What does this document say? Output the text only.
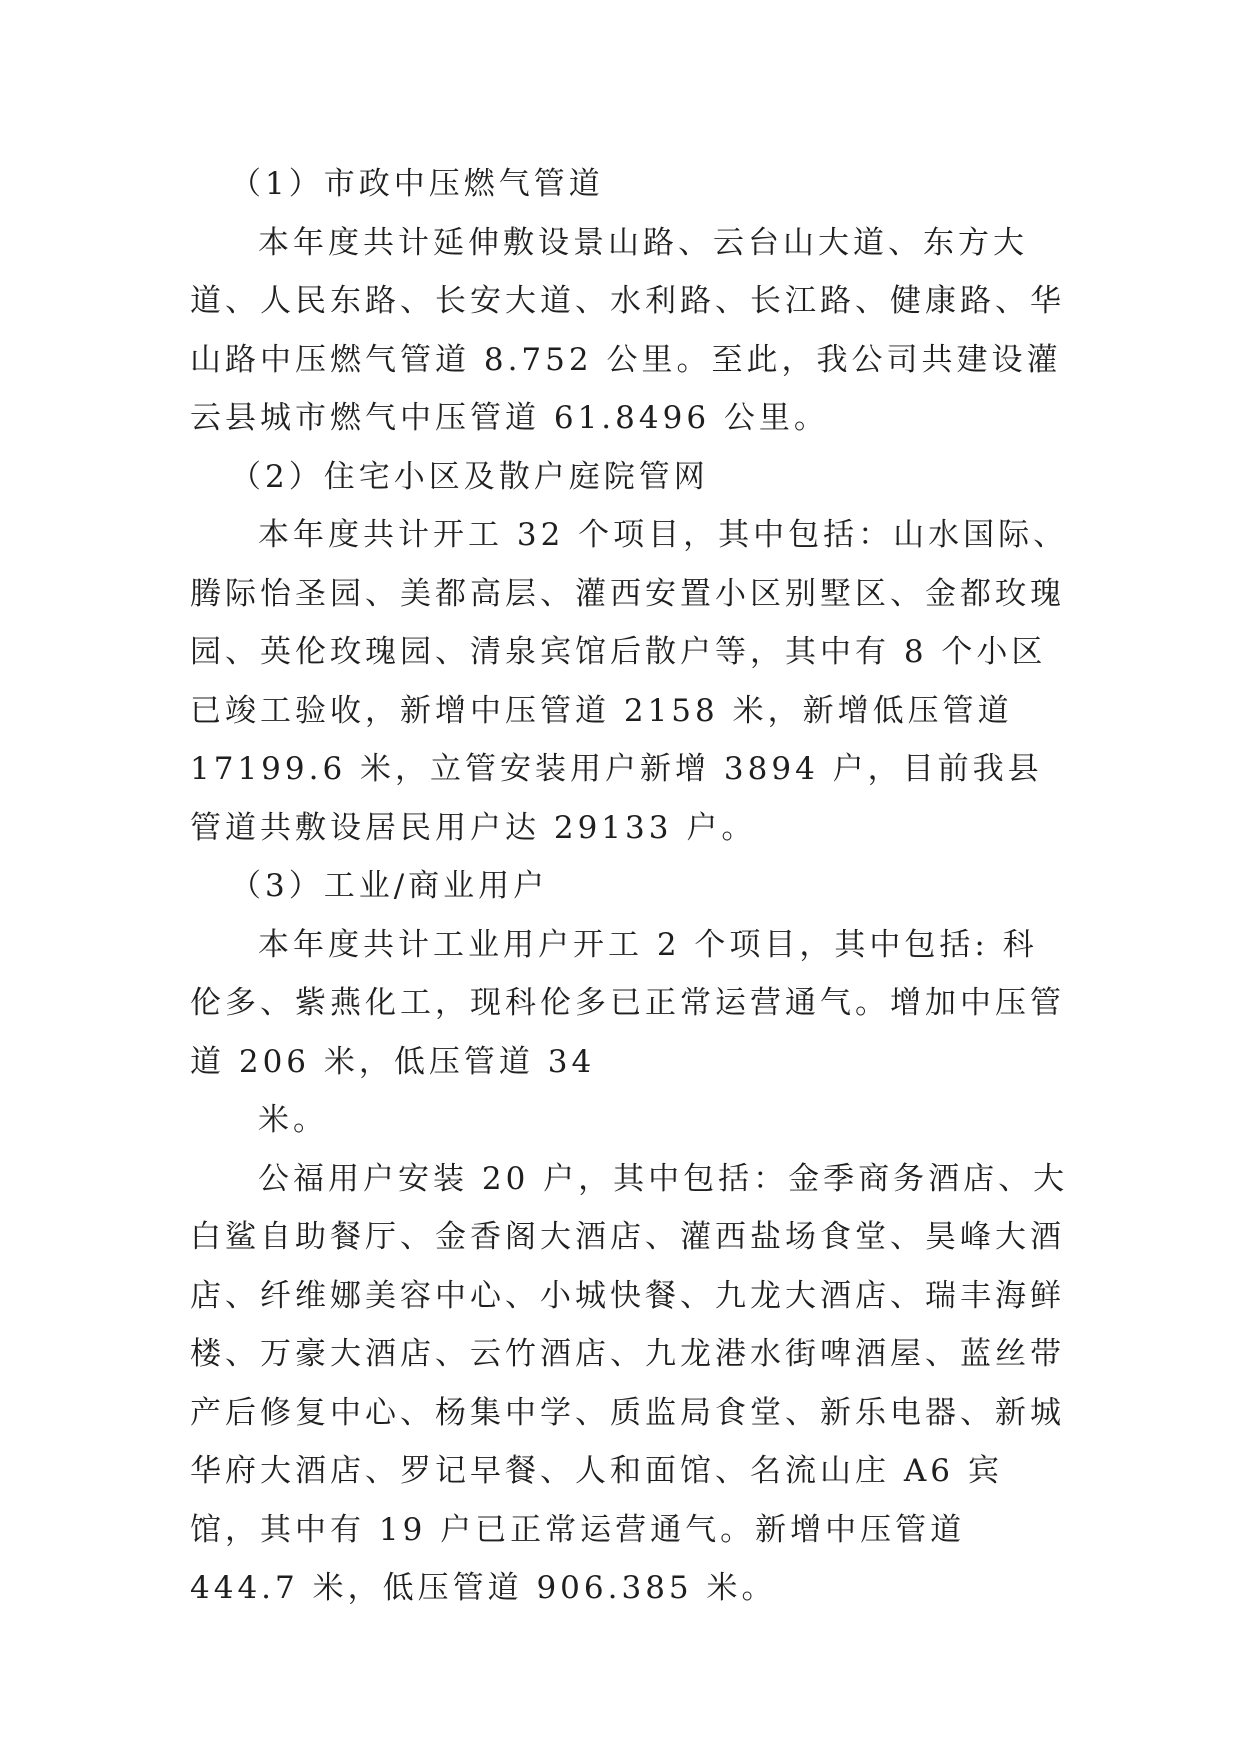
（1）市政中压燃气管道

本年度共计延伸敷设景山路、云台山大道、东方大道、人民东路、长安大道、水利路、长江路、健康路、华山路中压燃气管道 8.752 公里。至此，我公司共建设灌云县城市燃气中压管道 61.8496 公里。

（2）住宅小区及散户庭院管网

本年度共计开工 32 个项目，其中包括：山水国际、腾际怡圣园、美都高层、灌西安置小区别墅区、金都玫瑰园、英伦玫瑰园、清泉宾馆后散户等，其中有 8 个小区已竣工验收，新增中压管道 2158 米，新增低压管道 17199.6 米，立管安装用户新增 3894 户，目前我县管道共敷设居民用户达 29133 户。

（3）工业/商业用户

本年度共计工业用户开工 2 个项目，其中包括: 科伦多、紫燕化工，现科伦多已正常运营通气。增加中压管道 206 米，低压管道 34

米。

公福用户安装 20 户，其中包括：金季商务酒店、大白鲨自助餐厅、金香阁大酒店、灌西盐场食堂、昊峰大酒店、纤维娜美容中心、小城快餐、九龙大酒店、瑞丰海鲜楼、万豪大酒店、云竹酒店、九龙港水街啤酒屋、蓝丝带产后修复中心、杨集中学、质监局食堂、新乐电器、新城华府大酒店、罗记早餐、人和面馆、名流山庄 A6 宾馆，其中有 19 户已正常运营通气。新增中压管道 444.7 米，低压管道 906.385 米。
